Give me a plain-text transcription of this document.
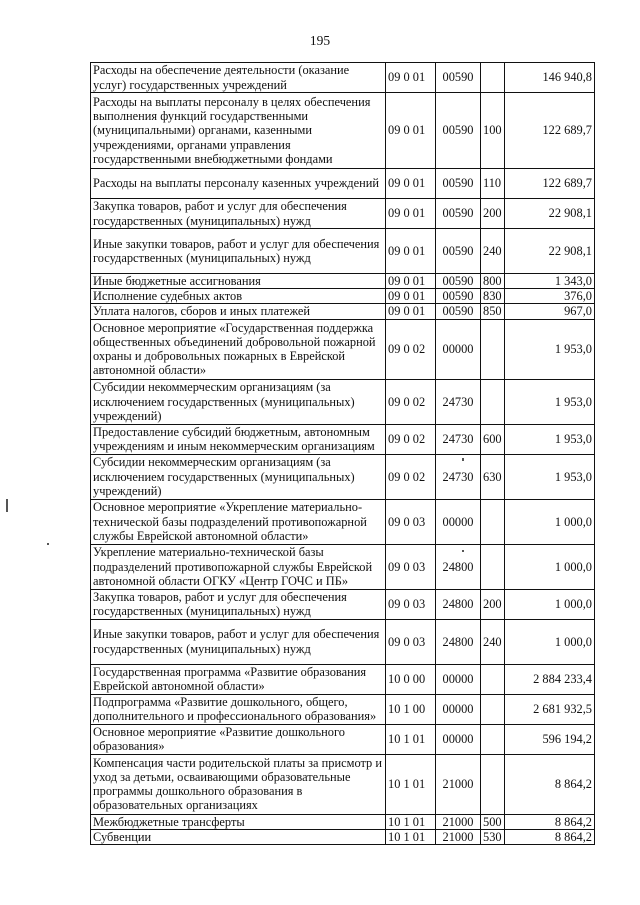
195
Расходы на обеспечение деятельности (оказание услуг) государственных учреждений	09 0 01	00590		146 940,8
Расходы на выплаты персоналу в целях обеспечения выполнения функций государственными (муниципальными) органами, казенными учреждениями, органами управления государственными внебюджетными фондами	09 0 01	00590	100	122 689,7
Расходы на выплаты персоналу казенных учреждений	09 0 01	00590	110	122 689,7
Закупка товаров, работ и услуг для обеспечения государственных (муниципальных) нужд	09 0 01	00590	200	22 908,1
Иные закупки товаров, работ и услуг для обеспечения государственных (муниципальных) нужд	09 0 01	00590	240	22 908,1
Иные бюджетные ассигнования	09 0 01	00590	800	1 343,0
Исполнение судебных актов	09 0 01	00590	830	376,0
Уплата налогов, сборов и иных платежей	09 0 01	00590	850	967,0
Основное мероприятие «Государственная поддержка общественных объединений добровольной пожарной охраны и добровольных пожарных в Еврейской автономной области»	09 0 02	00000		1 953,0
Субсидии некоммерческим организациям (за исключением государственных (муниципальных) учреждений)	09 0 02	24730		1 953,0
Предоставление субсидий бюджетным, автономным учреждениям и иным некоммерческим организациям	09 0 02	24730	600	1 953,0
Субсидии некоммерческим организациям (за исключением государственных (муниципальных) учреждений)	09 0 02	24730	630	1 953,0
Основное мероприятие «Укрепление материально-технической базы подразделений противопожарной службы Еврейской автономной области»	09 0 03	00000		1 000,0
Укрепление материально-технической базы подразделений противопожарной службы Еврейской автономной области ОГКУ «Центр ГОЧС и ПБ»	09 0 03	24800		1 000,0
Закупка товаров, работ и услуг для обеспечения государственных (муниципальных) нужд	09 0 03	24800	200	1 000,0
Иные закупки товаров, работ и услуг для обеспечения государственных (муниципальных) нужд	09 0 03	24800	240	1 000,0
Государственная программа «Развитие образования Еврейской автономной области»	10 0 00	00000		2 884 233,4
Подпрограмма «Развитие дошкольного, общего, дополнительного и профессионального образования»	10 1 00	00000		2 681 932,5
Основное мероприятие «Развитие дошкольного образования»	10 1 01	00000		596 194,2
Компенсация части родительской платы за присмотр и уход за детьми, осваивающими образовательные программы дошкольного образования в образовательных организациях	10 1 01	21000		8 864,2
Межбюджетные трансферты	10 1 01	21000	500	8 864,2
Субвенции	10 1 01	21000	530	8 864,2
